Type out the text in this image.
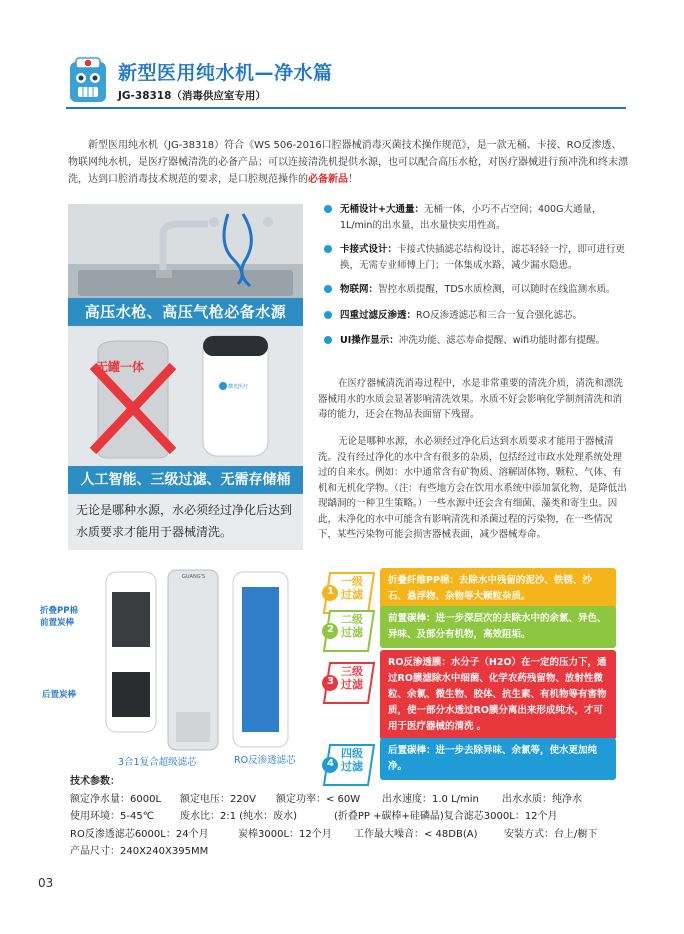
新型医用纯水机—净水篇
JG-38318（消毒供应室专用）
新型医用纯水机（JG-38318）符合《WS 506-2016口腔器械消毒灭菌技术操作规范》，是一款无桶、卡接、RO反渗透、物联网纯水机，是医疗器械清洗的必备产品；可以连接清洗机提供水源，也可以配合高压水枪，对医疗器械进行预冲洗和终末漂洗，达到口腔消毒技术规范的要求，是口腔规范操作的必备新品！
高压水枪、高压气枪必备水源
无罐一体
横光医疗
人工智能、三级过滤、无需存储桶
无论是哪种水源，水必须经过净化后达到水质要求才能用于器械清洗。
无桶设计+大通量：无桶一体，小巧不占空间；400G大通量，1L/min的出水量，出水量快实用性高。
卡接式设计：卡接式快插滤芯结构设计，滤芯轻轻一拧，即可进行更换，无需专业师傅上门；一体集成水路，减少漏水隐患。
物联网：智控水质提醒，TDS水质检测，可以随时在线监测水质。
四重过滤反渗透：RO反渗透滤芯和三合一复合强化滤芯。
UI操作显示：冲洗功能、滤芯寿命提醒、wifi功能时都有提醒。
在医疗器械清洗消毒过程中，水是非常重要的清洗介质，清洗和漂洗器械用水的水质会显著影响清洗效果。水质不好会影响化学制剂清洗和消毒的能力，还会在物品表面留下残留。
无论是哪种水源，水必须经过净化后达到水质要求才能用于器械清洗。没有经过净化的水中含有很多的杂质，包括经过市政水处理系统处理过的自来水。例如：水中通常含有矿物质、溶解固体物、颗粒、气体、有机和无机化学物。（注：有些地方会在饮用水系统中添加氯化物，是降低出现龋洞的一种卫生策略。）一些水源中还会含有细菌、藻类和寄生虫。因此，未净化的水中可能含有影响清洗和杀菌过程的污染物，在一些情况下，某些污染物可能会损害器械表面，减少器械寿命。
折叠PP棉
前置炭棒
后置炭棒
GUANG'S
3合1复合超级滤芯	RO反渗透滤芯
1
一级过滤
折叠纤维PP棉：去除水中残留的泥沙、铁锈、沙石、悬浮物、杂物等大颗粒杂质。
2
二级过滤
前置碳棒：进一步深层次的去除水中的余氯、异色、异味、及部分有机物，高效阻垢。
3
三级过滤
RO反渗透膜：水分子（H2O）在一定的压力下，通过RO膜滤除水中细菌、化学农药残留物、放射性微粒、余氯、微生物、胶体、抗生素、有机物等有害物质，使一部分水透过RO膜分离出来形成纯水，才可用于医疗器械的清洗 。
4
四级过滤
后置碳棒：进一步去除异味、余氯等，使水更加纯净。
技术参数：
额定净水量：6000L 额定电压：220V 额定功率：< 60W 出水速度：1.0 L/min 出水水质：纯净水
使用环境：5-45℃	废水比：2:1 (纯水：废水)	(折叠PP +碳棒+硅磷晶)复合滤芯3000L：12个月
RO反渗透滤芯6000L：24个月	炭棒3000L：12个月 工作最大噪音：< 48DB(A)	安装方式：台上/橱下
产品尺寸：240X240X395MM
03
